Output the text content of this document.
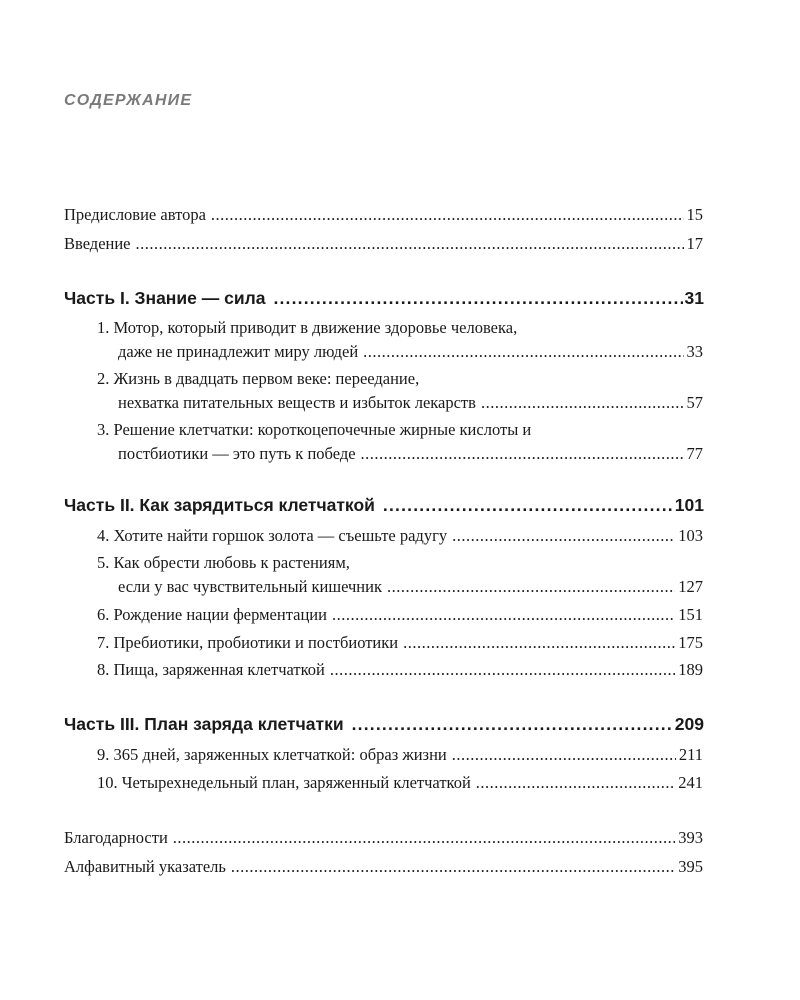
СОДЕРЖАНИЕ
Предисловие автора .....	15
Введение .....	17
Часть I. Знание — сила .....	31
1. Мотор, который приводит в движение здоровье человека,
даже не принадлежит миру людей .....	33
2. Жизнь в двадцать первом веке: переедание,
нехватка питательных веществ и избыток лекарств .....	57
3. Решение клетчатки: короткоцепочечные жирные кислоты и
постбиотики — это путь к победе .....	77
Часть II. Как зарядиться клетчаткой .....	101
4. Хотите найти горшок золота — съешьте радугу .....	103
5. Как обрести любовь к растениям,
если у вас чувствительный кишечник .....	127
6. Рождение нации ферментации .....	151
7. Пребиотики, пробиотики и постбиотики .....	175
8. Пища, заряженная клетчаткой .....	189
Часть III. План заряда клетчатки .....	209
9. 365 дней, заряженных клетчаткой: образ жизни .....	211
10. Четырехнедельный план, заряженный клетчаткой .....	241
Благодарности .....	393
Алфавитный указатель .....	395
